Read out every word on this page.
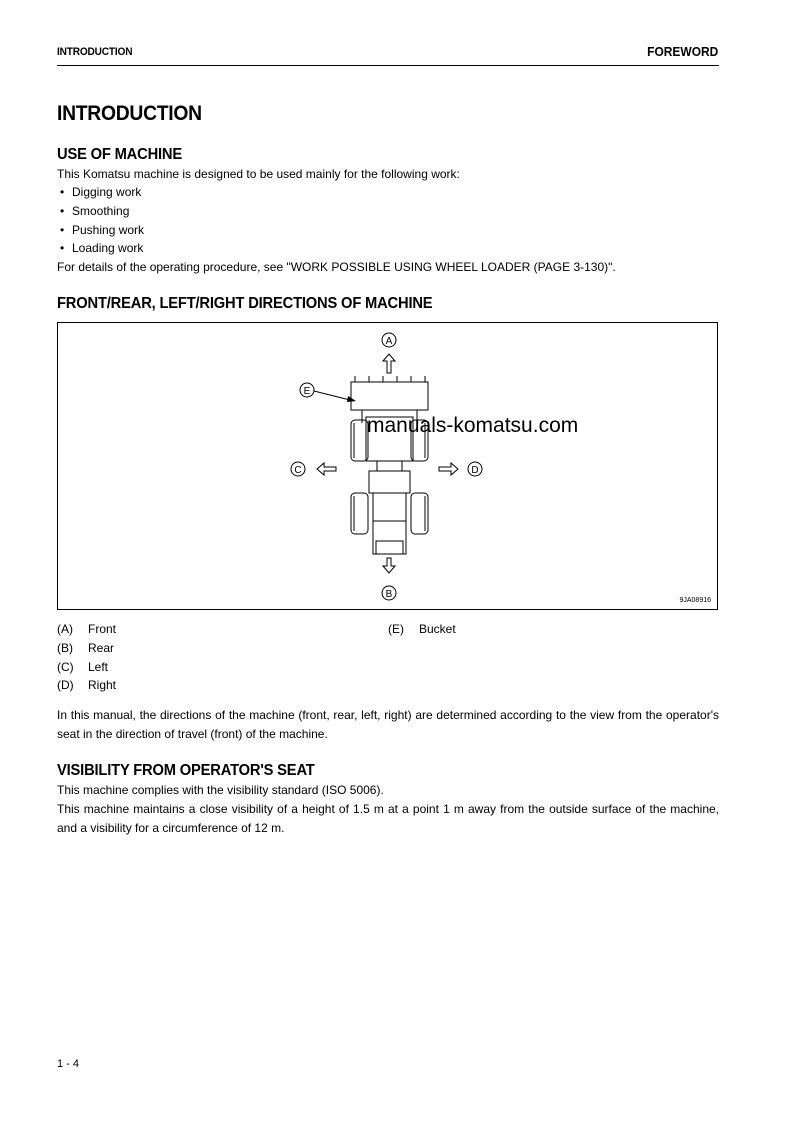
INTRODUCTION	FOREWORD
INTRODUCTION
USE OF MACHINE

This Komatsu machine is designed to be used mainly for the following work:

• Digging work
• Smoothing
• Pushing work
• Loading work

For details of the operating procedure, see "WORK POSSIBLE USING WHEEL LOADER (PAGE 3-130)".

FRONT/REAR, LEFT/RIGHT DIRECTIONS OF MACHINE
A
B
C	D
E
9JA08916
manuals-komatsu.com
(A) Front
(B) Rear
(C) Left
(D) Right
(E) Bucket

In this manual, the directions of the machine (front, rear, left, right) are determined according to the view from the operator's seat in the direction of travel (front) of the machine.

VISIBILITY FROM OPERATOR'S SEAT

This machine complies with the visibility standard (ISO 5006).

This machine maintains a close visibility of a height of 1.5 m at a point 1 m away from the outside surface of the machine, and a visibility for a circumference of 12 m.

1 - 4
